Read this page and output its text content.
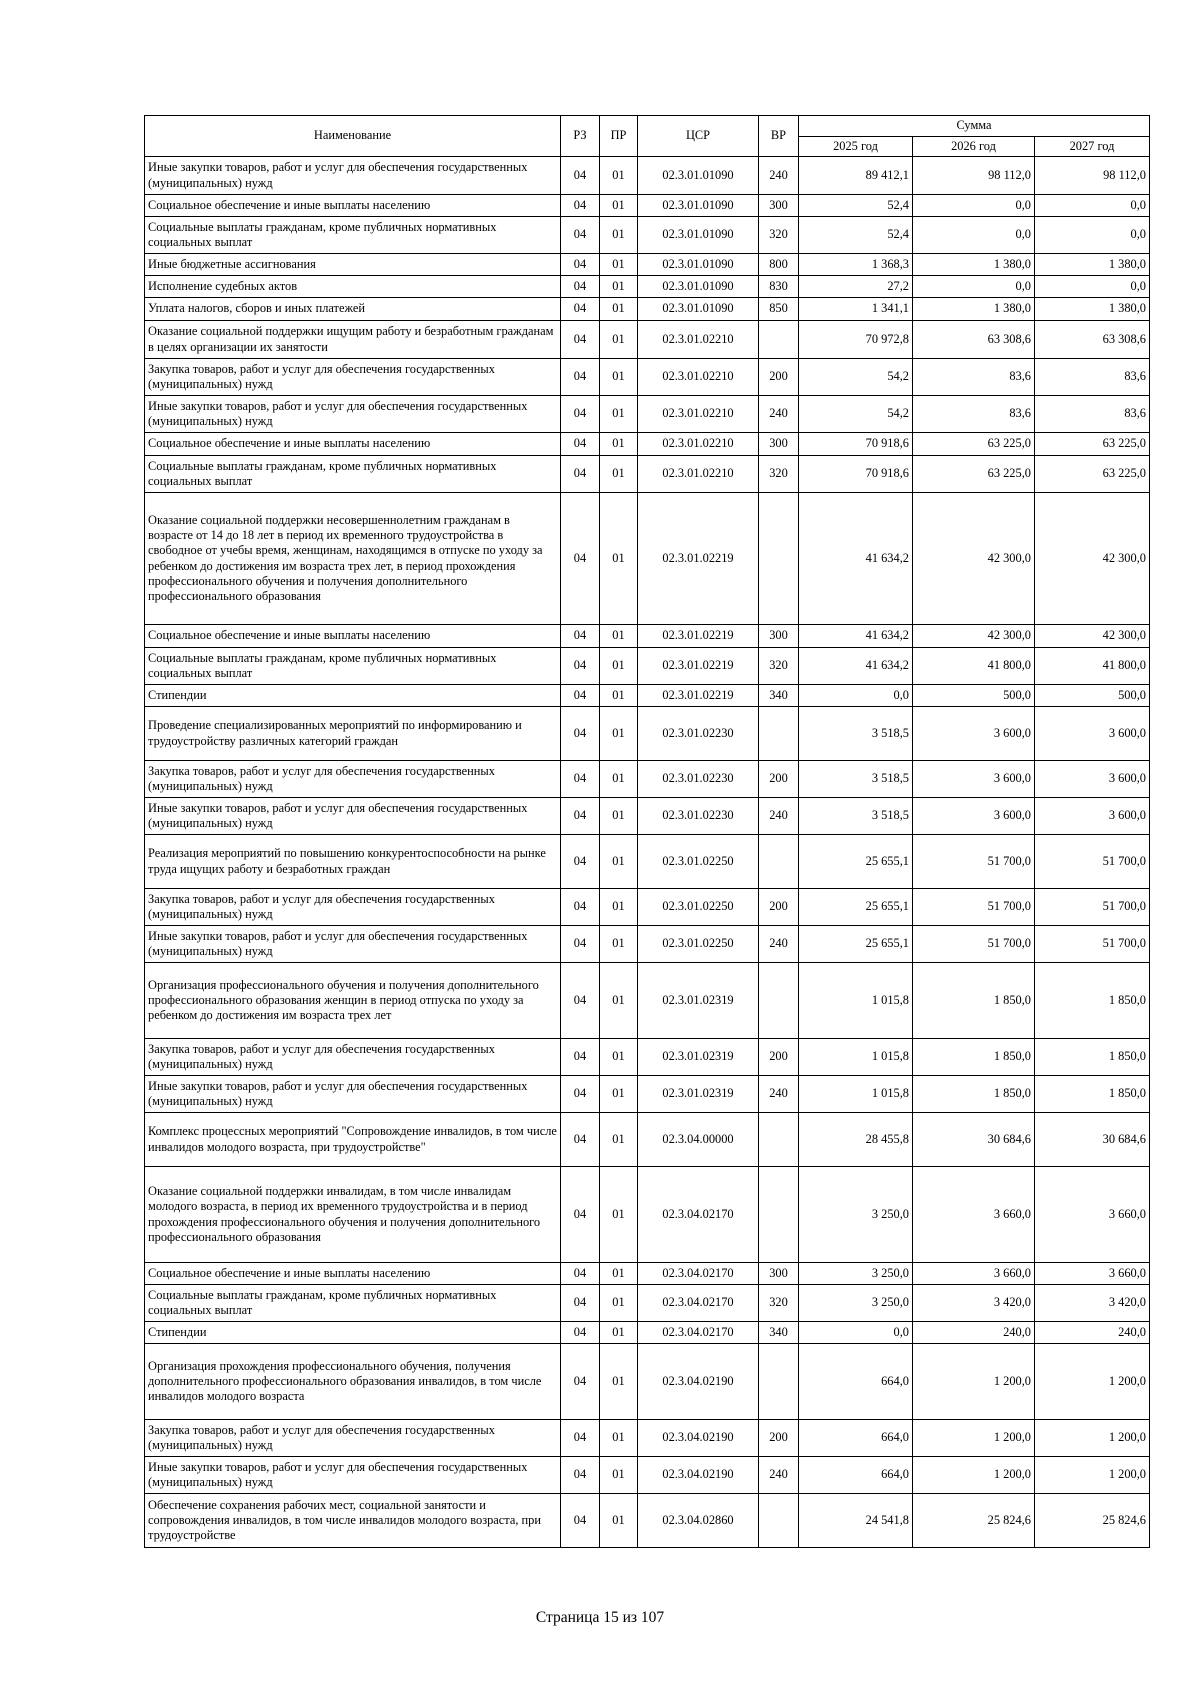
Наименование	РЗ	ПР	ЦСР	ВР	Сумма		
					2025 год	2026 год	2027 год
Иные закупки товаров, работ и услуг для обеспечения государственных (муниципальных) нужд	04	01	02.3.01.01090	240	89 412,1	98 112,0	98 112,0
Социальное обеспечение и иные выплаты населению	04	01	02.3.01.01090	300	52,4	0,0	0,0
Социальные выплаты гражданам, кроме публичных нормативных социальных выплат	04	01	02.3.01.01090	320	52,4	0,0	0,0
Иные бюджетные ассигнования	04	01	02.3.01.01090	800	1 368,3	1 380,0	1 380,0
Исполнение судебных актов	04	01	02.3.01.01090	830	27,2	0,0	0,0
Уплата налогов, сборов и иных платежей	04	01	02.3.01.01090	850	1 341,1	1 380,0	1 380,0
Оказание социальной поддержки ищущим работу и безработным гражданам в целях организации их занятости	04	01	02.3.01.02210		70 972,8	63 308,6	63 308,6
Закупка товаров, работ и услуг для обеспечения государственных (муниципальных) нужд	04	01	02.3.01.02210	200	54,2	83,6	83,6
Иные закупки товаров, работ и услуг для обеспечения государственных (муниципальных) нужд	04	01	02.3.01.02210	240	54,2	83,6	83,6
Социальное обеспечение и иные выплаты населению	04	01	02.3.01.02210	300	70 918,6	63 225,0	63 225,0
Социальные выплаты гражданам, кроме публичных нормативных социальных выплат	04	01	02.3.01.02210	320	70 918,6	63 225,0	63 225,0
Оказание социальной поддержки несовершеннолетним гражданам в возрасте от 14 до 18 лет в период их временного трудоустройства в свободное от учебы время, женщинам, находящимся в отпуске по уходу за ребенком до достижения им возраста трех лет, в период прохождения профессионального обучения и получения дополнительного профессионального образования	04	01	02.3.01.02219		41 634,2	42 300,0	42 300,0
Социальное обеспечение и иные выплаты населению	04	01	02.3.01.02219	300	41 634,2	42 300,0	42 300,0
Социальные выплаты гражданам, кроме публичных нормативных социальных выплат	04	01	02.3.01.02219	320	41 634,2	41 800,0	41 800,0
Стипендии	04	01	02.3.01.02219	340	0,0	500,0	500,0
Проведение специализированных мероприятий по информированию и трудоустройству различных категорий граждан	04	01	02.3.01.02230		3 518,5	3 600,0	3 600,0
Закупка товаров, работ и услуг для обеспечения государственных (муниципальных) нужд	04	01	02.3.01.02230	200	3 518,5	3 600,0	3 600,0
Иные закупки товаров, работ и услуг для обеспечения государственных (муниципальных) нужд	04	01	02.3.01.02230	240	3 518,5	3 600,0	3 600,0
Реализация мероприятий по повышению конкурентоспособности на рынке труда ищущих работу и безработных граждан	04	01	02.3.01.02250		25 655,1	51 700,0	51 700,0
Закупка товаров, работ и услуг для обеспечения государственных (муниципальных) нужд	04	01	02.3.01.02250	200	25 655,1	51 700,0	51 700,0
Иные закупки товаров, работ и услуг для обеспечения государственных (муниципальных) нужд	04	01	02.3.01.02250	240	25 655,1	51 700,0	51 700,0
Организация профессионального обучения и получения дополнительного профессионального образования женщин в период отпуска по уходу за ребенком до достижения им возраста трех лет	04	01	02.3.01.02319		1 015,8	1 850,0	1 850,0
Закупка товаров, работ и услуг для обеспечения государственных (муниципальных) нужд	04	01	02.3.01.02319	200	1 015,8	1 850,0	1 850,0
Иные закупки товаров, работ и услуг для обеспечения государственных (муниципальных) нужд	04	01	02.3.01.02319	240	1 015,8	1 850,0	1 850,0
Комплекс процессных мероприятий "Сопровождение инвалидов, в том числе инвалидов молодого возраста, при трудоустройстве"	04	01	02.3.04.00000		28 455,8	30 684,6	30 684,6
Оказание социальной поддержки инвалидам, в том числе инвалидам молодого возраста, в период их временного трудоустройства и в период прохождения профессионального обучения и получения дополнительного профессионального образования	04	01	02.3.04.02170		3 250,0	3 660,0	3 660,0
Социальное обеспечение и иные выплаты населению	04	01	02.3.04.02170	300	3 250,0	3 660,0	3 660,0
Социальные выплаты гражданам, кроме публичных нормативных социальных выплат	04	01	02.3.04.02170	320	3 250,0	3 420,0	3 420,0
Стипендии	04	01	02.3.04.02170	340	0,0	240,0	240,0
Организация прохождения профессионального обучения, получения дополнительного профессионального образования инвалидов, в том числе инвалидов молодого возраста	04	01	02.3.04.02190		664,0	1 200,0	1 200,0
Закупка товаров, работ и услуг для обеспечения государственных (муниципальных) нужд	04	01	02.3.04.02190	200	664,0	1 200,0	1 200,0
Иные закупки товаров, работ и услуг для обеспечения государственных (муниципальных) нужд	04	01	02.3.04.02190	240	664,0	1 200,0	1 200,0
Обеспечение сохранения рабочих мест, социальной занятости и сопровождения инвалидов, в том числе инвалидов молодого возраста, при трудоустройстве	04	01	02.3.04.02860		24 541,8	25 824,6	25 824,6
Страница 15 из 107
